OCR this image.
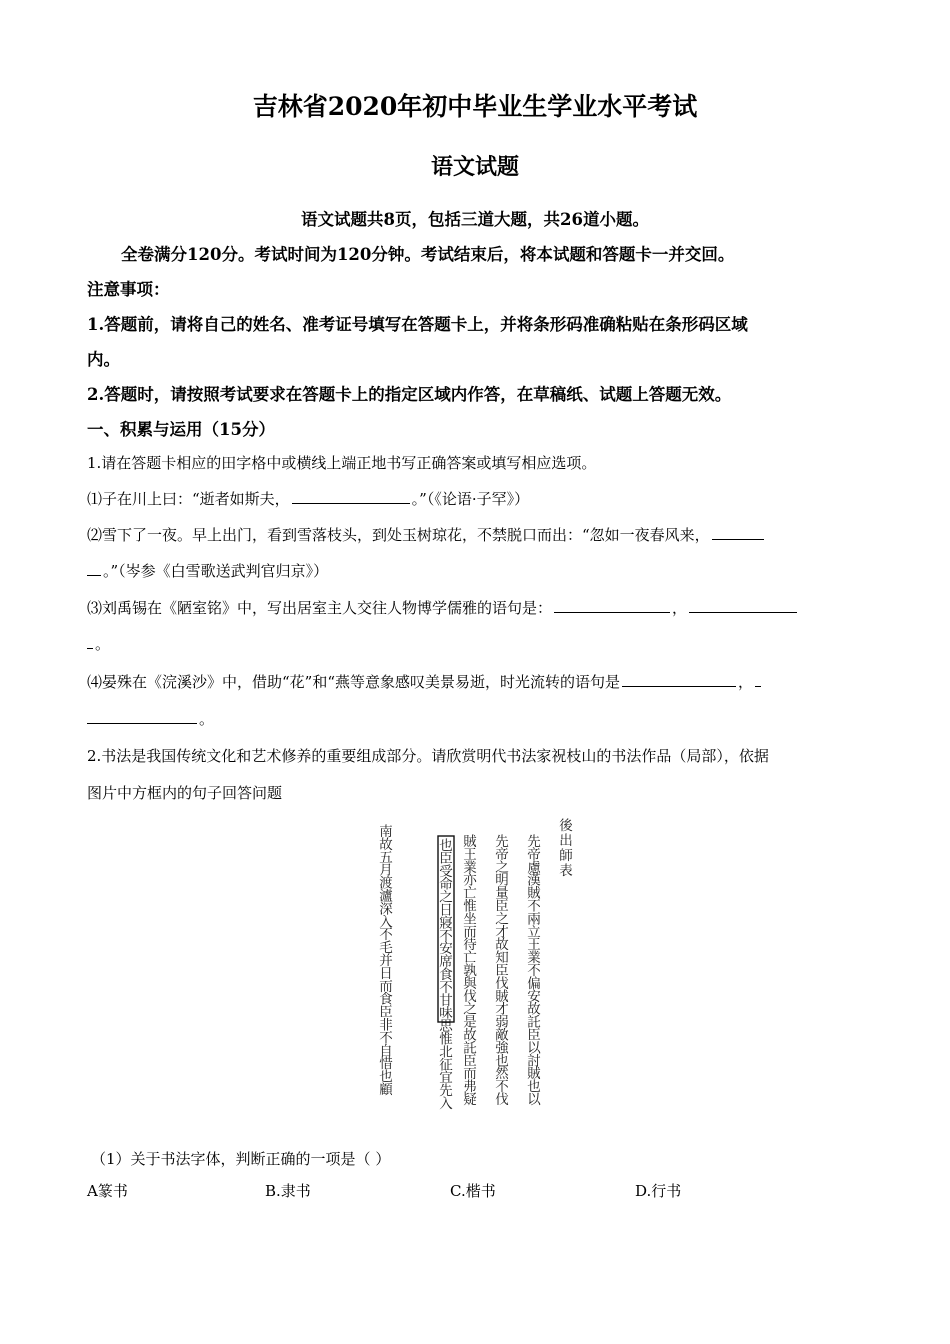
吉林省2020年初中毕业生学业水平考试
语文试题
语文试题共8页，包括三道大题，共26道小题。
全卷满分120分。考试时间为120分钟。考试结束后，将本试题和答题卡一并交回。
注意事项：
1.答题前，请将自己的姓名、准考证号填写在答题卡上，并将条形码准确粘贴在条形码区域
内。
2.答题时，请按照考试要求在答题卡上的指定区域内作答，在草稿纸、试题上答题无效。
一、积累与运用（15分）
1.请在答题卡相应的田字格中或横线上端正地书写正确答案或填写相应选项。
⑴子在川上曰：“逝者如斯夫，	。”（《论语·子罕》）
⑵雪下了一夜。早上出门，看到雪落枝头，到处玉树琼花，不禁脱口而出：“忽如一夜春风来，
。”（岑参《白雪歌送武判官归京》）
⑶刘禹锡在《陋室铭》中，写出居室主人交往人物博学儒雅的语句是：	，
。
⑷晏殊在《浣溪沙》中，借助“花”和“燕等意象感叹美景易逝，时光流转的语句是	，
。
2.书法是我国传统文化和艺术修养的重要组成部分。请欣赏明代书法家祝枝山的书法作品（局部），依据
图片中方框内的句子回答问题
後出師表
先帝慮漢賊不兩立王業不偏安故託臣以討賊也以
先帝之明量臣之才故知臣伐賊才弱敵強也然不伐
賊王業亦亡惟坐而待亡孰與伐之是故託臣而弗疑
也臣受命之日寢不安席食不甘味思惟北征宜先入
南故五月渡瀘深入不毛并日而食臣非不自惜也顧
（1）关于书法字体，判断正确的一项是（ ）
A篆书	B.隶书	C.楷书	D.行书
